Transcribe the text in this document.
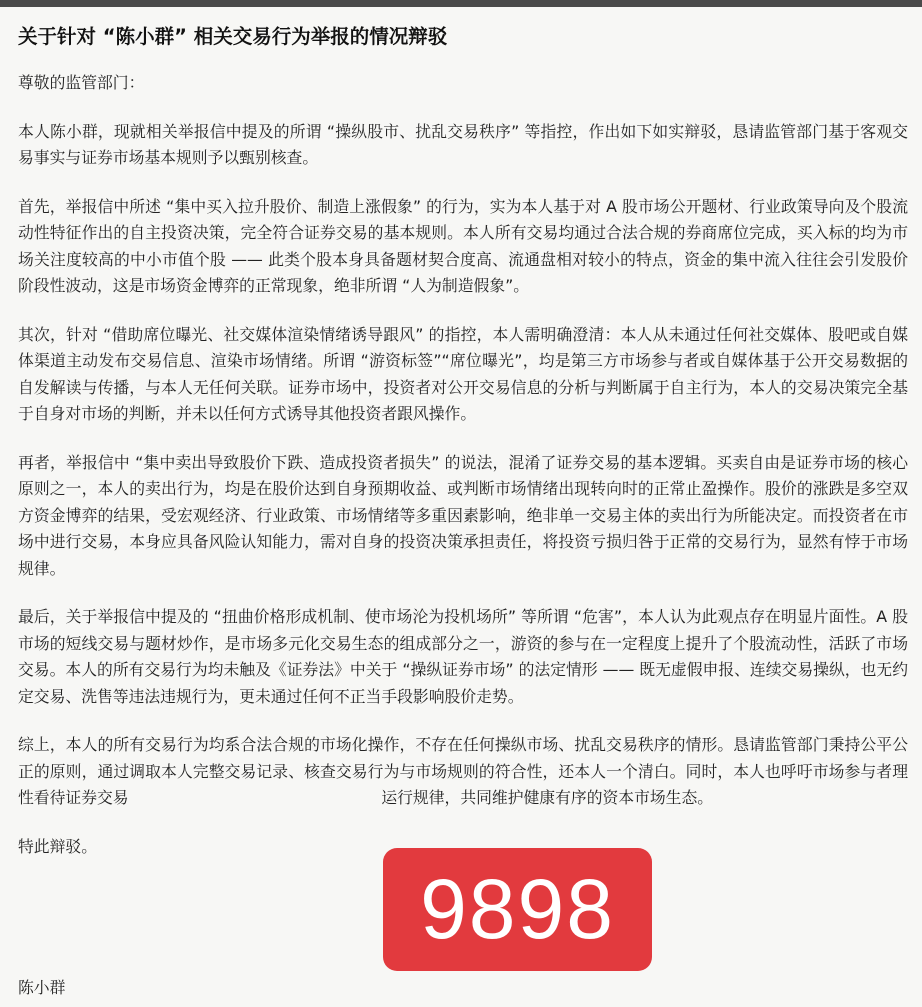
关于针对 “陈小群” 相关交易行为举报的情况辩驳
尊敬的监管部门：
本人陈小群，现就相关举报信中提及的所谓 “操纵股市、扰乱交易秩序” 等指控，作出如下如实辩驳，恳请监管部门基于客观交易事实与证券市场基本规则予以甄别核查。
首先，举报信中所述 “集中买入拉升股价、制造上涨假象” 的行为，实为本人基于对 A 股市场公开题材、行业政策导向及个股流动性特征作出的自主投资决策，完全符合证券交易的基本规则。本人所有交易均通过合法合规的券商席位完成，买入标的均为市场关注度较高的中小市值个股 —— 此类个股本身具备题材契合度高、流通盘相对较小的特点，资金的集中流入往往会引发股价阶段性波动，这是市场资金博弈的正常现象，绝非所谓 “人为制造假象”。
其次，针对 “借助席位曝光、社交媒体渲染情绪诱导跟风” 的指控，本人需明确澄清：本人从未通过任何社交媒体、股吧或自媒体渠道主动发布交易信息、渲染市场情绪。所谓 “游资标签”“席位曝光”，均是第三方市场参与者或自媒体基于公开交易数据的自发解读与传播，与本人无任何关联。证券市场中，投资者对公开交易信息的分析与判断属于自主行为，本人的交易决策完全基于自身对市场的判断，并未以任何方式诱导其他投资者跟风操作。
再者，举报信中 “集中卖出导致股价下跌、造成投资者损失” 的说法，混淆了证券交易的基本逻辑。买卖自由是证券市场的核心原则之一，本人的卖出行为，均是在股价达到自身预期收益、或判断市场情绪出现转向时的正常止盈操作。股价的涨跌是多空双方资金博弈的结果，受宏观经济、行业政策、市场情绪等多重因素影响，绝非单一交易主体的卖出行为所能决定。而投资者在市场中进行交易，本身应具备风险认知能力，需对自身的投资决策承担责任，将投资亏损归咎于正常的交易行为，显然有悖于市场规律。
最后，关于举报信中提及的 “扭曲价格形成机制、使市场沦为投机场所” 等所谓 “危害”，本人认为此观点存在明显片面性。A 股市场的短线交易与题材炒作，是市场多元化交易生态的组成部分之一，游资的参与在一定程度上提升了个股流动性，活跃了市场交易。本人的所有交易行为均未触及《证券法》中关于 “操纵证券市场” 的法定情形 —— 既无虚假申报、连续交易操纵，也无约定交易、洗售等违法违规行为，更未通过任何不正当手段影响股价走势。
综上，本人的所有交易行为均系合法合规的市场化操作，不存在任何操纵市场、扰乱交易秩序的情形。恳请监管部门秉持公平公正的原则，通过调取本人完整交易记录、核查交易行为与市场规则的符合性，还本人一个清白。同时，本人也呼吁市场参与者理性看待证券交易　　　　　　　　　　　　　　　　运行规律，共同维护健康有序的资本市场生态。
特此辩驳。
陈小群
9898
